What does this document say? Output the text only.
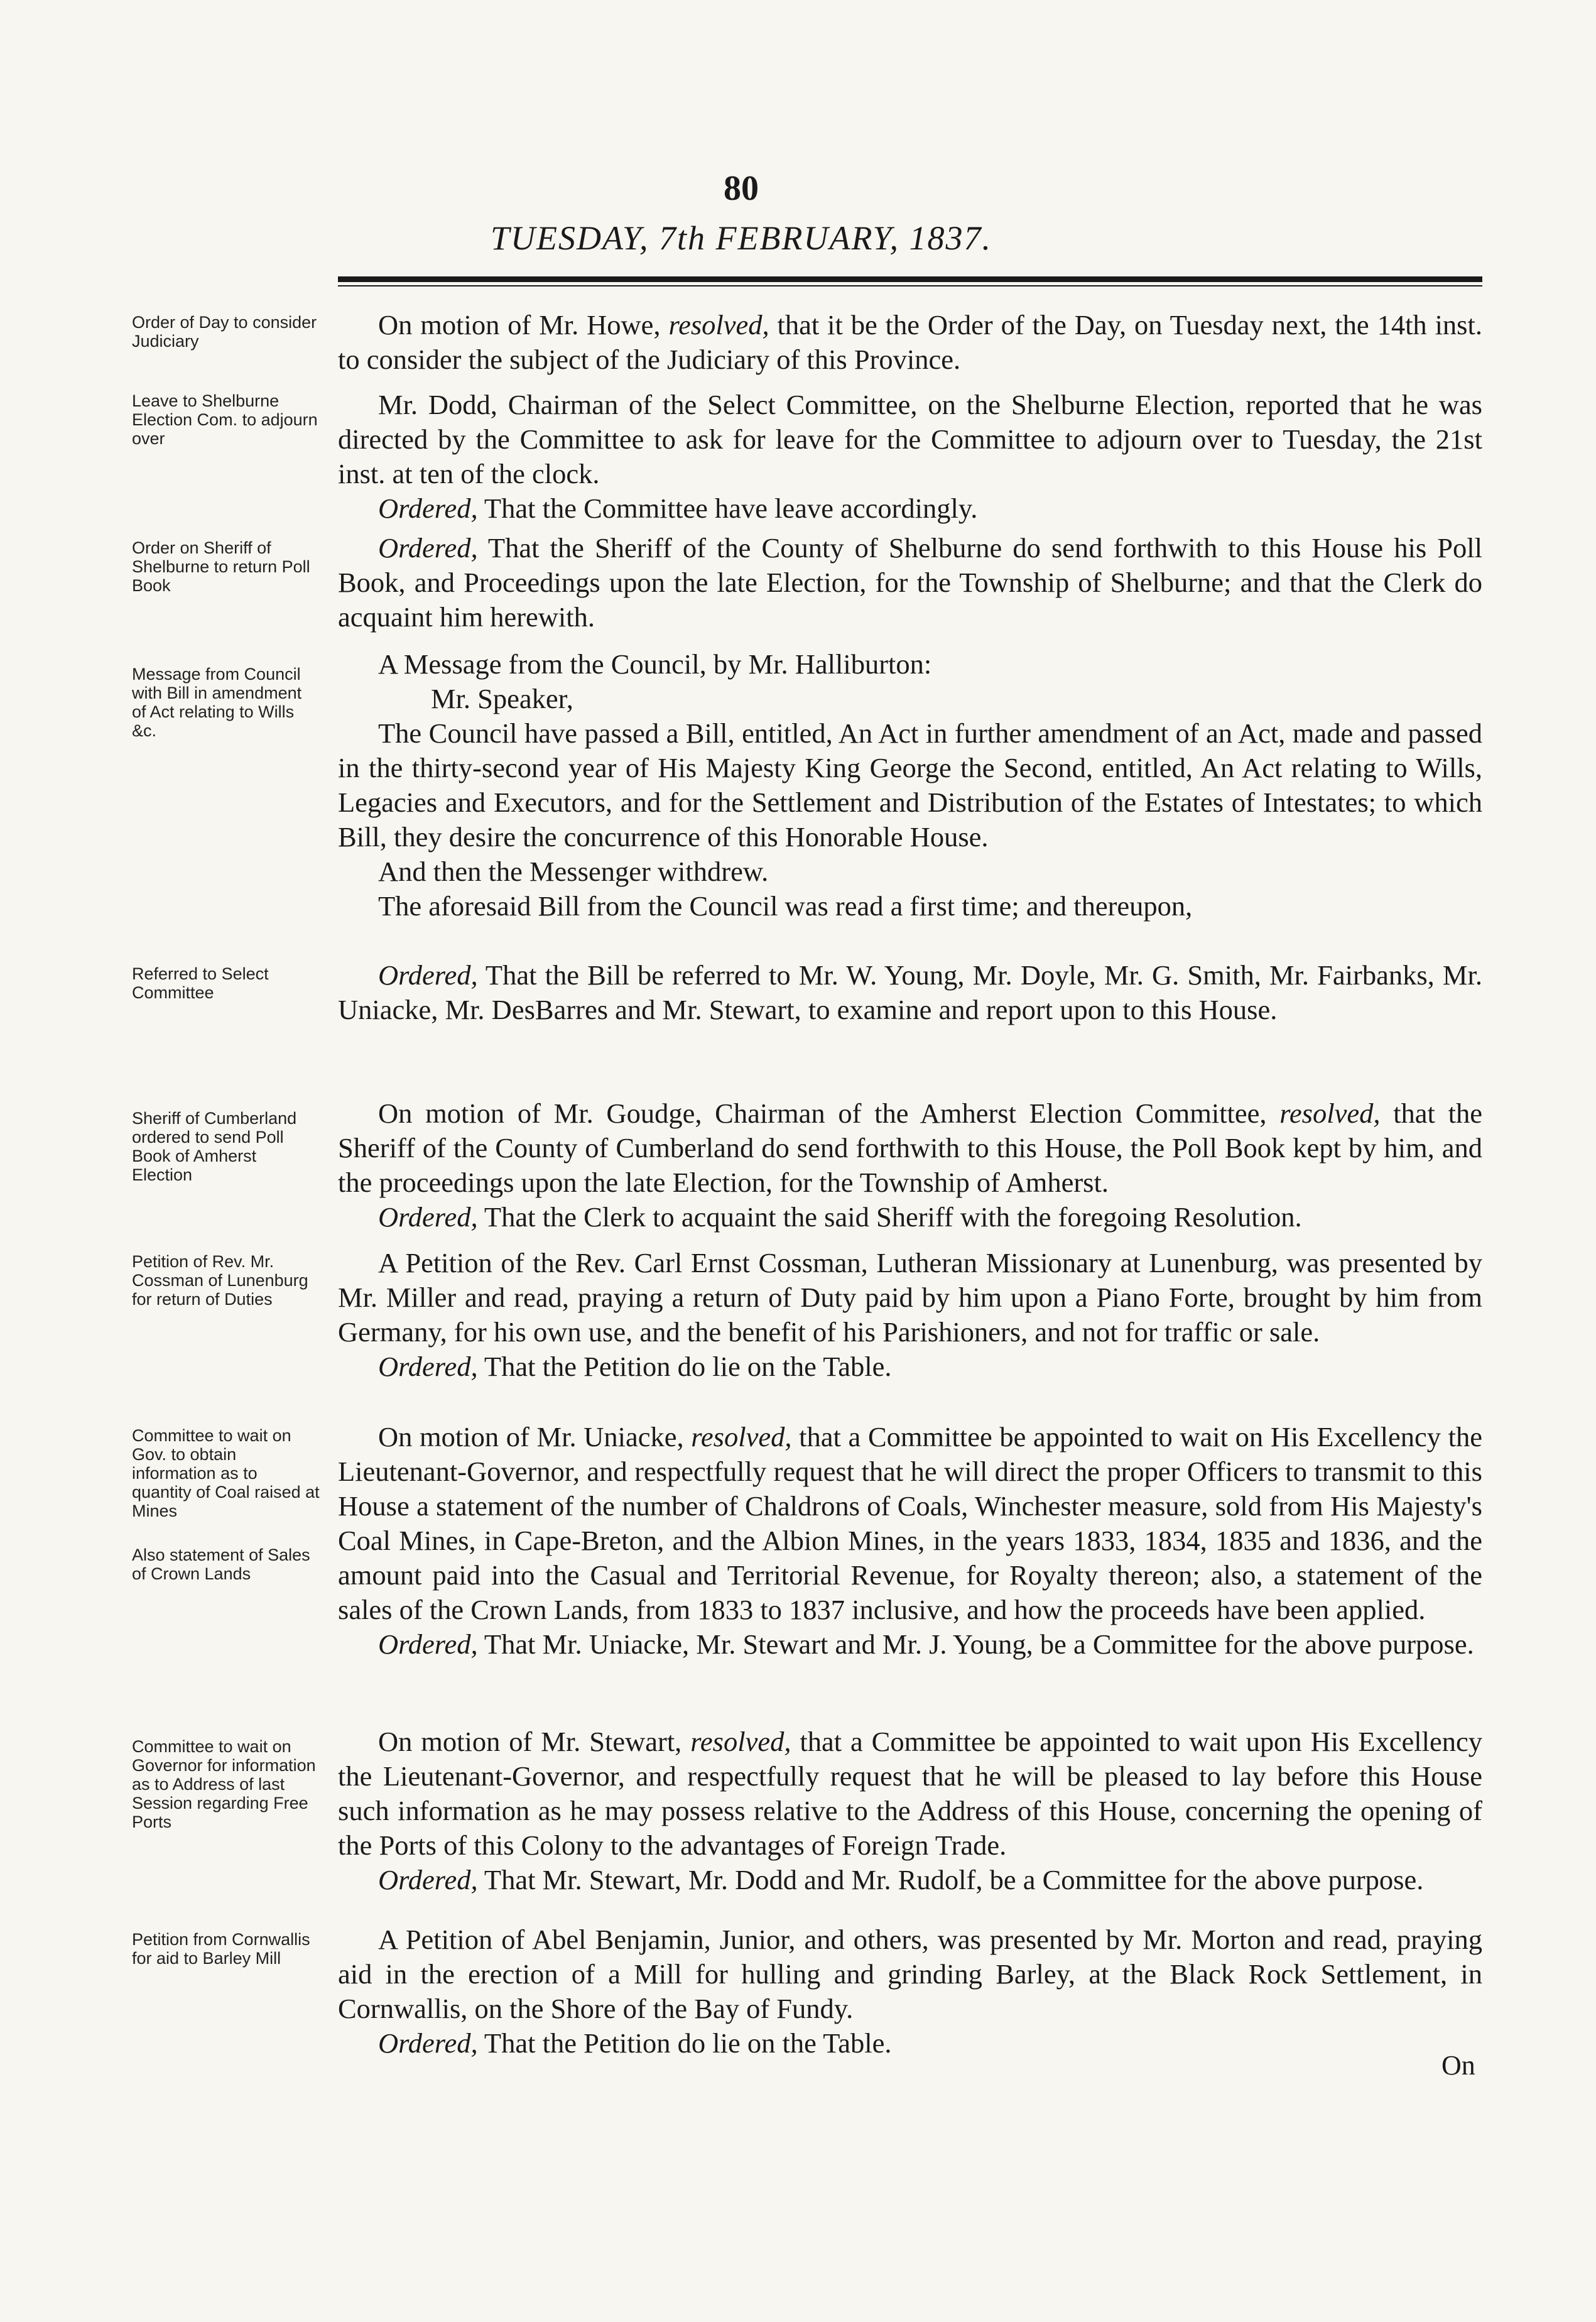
80
TUESDAY, 7th FEBRUARY, 1837.
Order of Day to consider Judiciary

On motion of Mr. Howe, resolved, that it be the Order of the Day, on Tuesday next, the 14th inst. to consider the subject of the Judiciary of this Province.

Leave to Shelburne Election Com. to adjourn over

Mr. Dodd, Chairman of the Select Committee, on the Shelburne Election, reported that he was directed by the Committee to ask for leave for the Committee to adjourn over to Tuesday, the 21st inst. at ten of the clock.

Ordered, That the Committee have leave accordingly.

Order on Sheriff of Shelburne to return Poll Book

Ordered, That the Sheriff of the County of Shelburne do send forthwith to this House his Poll Book, and Proceedings upon the late Election, for the Township of Shelburne; and that the Clerk do acquaint him herewith.

Message from Council with Bill in amendment of Act relating to Wills &c.

A Message from the Council, by Mr. Halliburton:

Mr. Speaker,

The Council have passed a Bill, entitled, An Act in further amendment of an Act, made and passed in the thirty-second year of His Majesty King George the Second, entitled, An Act relating to Wills, Legacies and Executors, and for the Settlement and Distribution of the Estates of Intestates; to which Bill, they desire the concurrence of this Honorable House.

And then the Messenger withdrew.

The aforesaid Bill from the Council was read a first time; and thereupon,

Referred to Select Committee

Ordered, That the Bill be referred to Mr. W. Young, Mr. Doyle, Mr. G. Smith, Mr. Fairbanks, Mr. Uniacke, Mr. DesBarres and Mr. Stewart, to examine and report upon to this House.

Sheriff of Cumberland ordered to send Poll Book of Amherst Election

On motion of Mr. Goudge, Chairman of the Amherst Election Committee, resolved, that the Sheriff of the County of Cumberland do send forthwith to this House, the Poll Book kept by him, and the proceedings upon the late Election, for the Township of Amherst.

Ordered, That the Clerk to acquaint the said Sheriff with the foregoing Resolution.

Petition of Rev. Mr. Cossman of Lunenburg for return of Duties

A Petition of the Rev. Carl Ernst Cossman, Lutheran Missionary at Lunenburg, was presented by Mr. Miller and read, praying a return of Duty paid by him upon a Piano Forte, brought by him from Germany, for his own use, and the benefit of his Parishioners, and not for traffic or sale.

Ordered, That the Petition do lie on the Table.

Committee to wait on Gov. to obtain information as to quantity of Coal raised at Mines
Also statement of Sales of Crown Lands

On motion of Mr. Uniacke, resolved, that a Committee be appointed to wait on His Excellency the Lieutenant-Governor, and respectfully request that he will direct the proper Officers to transmit to this House a statement of the number of Chaldrons of Coals, Winchester measure, sold from His Majesty's Coal Mines, in Cape-Breton, and the Albion Mines, in the years 1833, 1834, 1835 and 1836, and the amount paid into the Casual and Territorial Revenue, for Royalty thereon; also, a statement of the sales of the Crown Lands, from 1833 to 1837 inclusive, and how the proceeds have been applied.

Ordered, That Mr. Uniacke, Mr. Stewart and Mr. J. Young, be a Committee for the above purpose.

Committee to wait on Governor for information as to Address of last Session regarding Free Ports

On motion of Mr. Stewart, resolved, that a Committee be appointed to wait upon His Excellency the Lieutenant-Governor, and respectfully request that he will be pleased to lay before this House such information as he may possess relative to the Address of this House, concerning the opening of the Ports of this Colony to the advantages of Foreign Trade.

Ordered, That Mr. Stewart, Mr. Dodd and Mr. Rudolf, be a Committee for the above purpose.

Petition from Cornwallis for aid to Barley Mill

A Petition of Abel Benjamin, Junior, and others, was presented by Mr. Morton and read, praying aid in the erection of a Mill for hulling and grinding Barley, at the Black Rock Settlement, in Cornwallis, on the Shore of the Bay of Fundy.

Ordered, That the Petition do lie on the Table.

On
